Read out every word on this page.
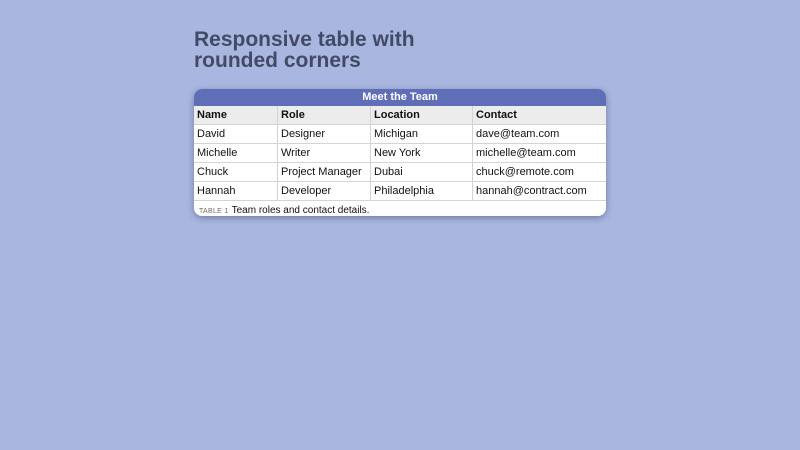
Responsive table with
rounded corners
Meet the Team
Name	Role	Location	Contact
David	Designer	Michigan	dave@team.com
Michelle	Writer	New York	michelle@team.com
Chuck	Project Manager	Dubai	chuck@remote.com
Hannah	Developer	Philadelphia	hannah@contract.com
TABLE 1 Team roles and contact details.
